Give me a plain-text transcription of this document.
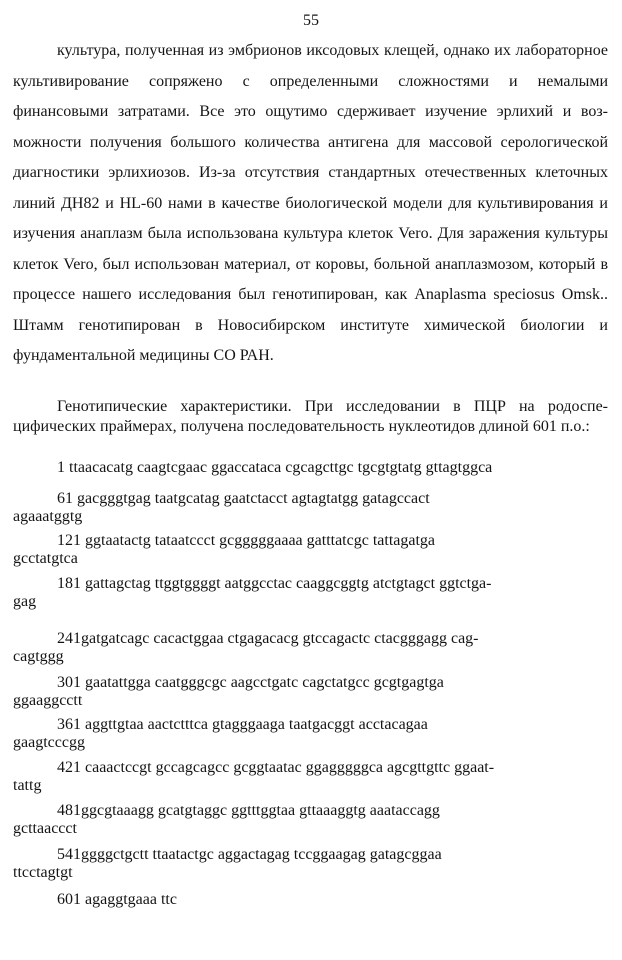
55

культура, полученная из эмбрионов иксодовых клещей, однако их лабораторное культивирование сопряжено с определенными сложностями и немалыми финансовыми затратами. Все это ощутимо сдерживает изучение эрлихий и возможности получения большого количества антигена для массовой серологической диагностики эрлихиозов. Из-за отсутствия стандартных отечественных клеточных линий ДН82 и HL-60 нами в качестве биологической модели для культивирования и изучения анаплазм была использована культура клеток Vero. Для заражения культуры клеток Vero, был использован материал, от коровы, больной анаплазмозом, который в процессе нашего исследования был генотипирован, как Anaplasma speciosus Omsk.. Штамм генотипирован в Новосибирском институте химической биологии и фундаментальной медицины СО РАН.

Генотипические характеристики. При исследовании в ПЦР на родоспецифических праймерах, получена последовательность нуклеотидов длиной 601 п.о.:

1 ttaacacatg caagtcgaac ggaccataca cgcagcttgc tgcgtgtatg gttagtggca

61 gacgggtgag taatgcatag gaatctacct agtagtatgg gatagccact
agaaatggtg

121 ggtaatactg tataatccct gcgggggaaaa gatttatcgc tattagatga
gcctatgtca

181 gattagctag ttggtggggt aatggcctac caaggcggtg atctgtagct ggtctga-
gag

241gatgatcagc cacactggaa ctgagacacg gtccagactc ctacgggagg cag-
cagtggg

301 gaatattgga caatgggcgc aagcctgatc cagctatgcc gcgtgagtga
ggaaggcctt

361 aggttgtaa aactctttca gtagggaaga taatgacggt acctacagaa
gaagtcccgg

421 caaactccgt gccagcagcc gcggtaatac ggagggggca agcgttgttc ggaat-
tattg

481ggcgtaaagg gcatgtaggc ggtttggtaa gttaaaggtg aaataccagg
gcttaaccct

541ggggctgctt ttaatactgc aggactagag tccggaagag gatagcggaa
ttcctagtgt

601 agaggtgaaa ttc
